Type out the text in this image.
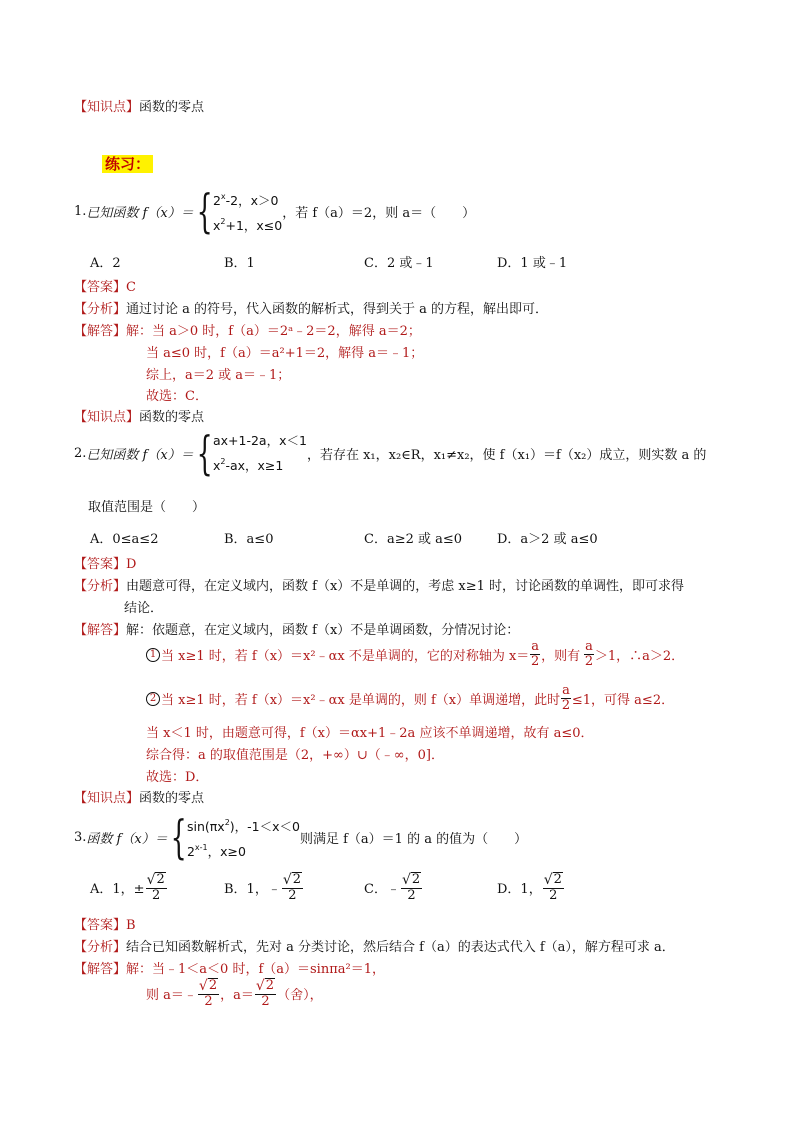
【知识点】函数的零点
练习：
1. 已知函数 f（x）＝ { 2$^x$-2，x＞0
$x^2+1$，x≤0
，若 f（a）＝2，则 a＝（　　）
A．2	B．1	C．2 或﹣1	D．1 或﹣1
【答案】C
【分析】通过讨论 a 的符号，代入函数的解析式，得到关于 a 的方程，解出即可．
【解答】解：当 a＞0 时，f（a）＝2ᵃ﹣2＝2，解得 a＝2；
当 a≤0 时，f（a）＝a²+1＝2，解得 a＝﹣1；
综上，a＝2 或 a＝﹣1；
故选：C．
【知识点】函数的零点
2. 已知函数 f（x）＝ { ax+1-2a，x＜1
$x^2-ax$，x≥1
，若存在 x₁，x₂∈R，x₁≠x₂，使 f（x₁）＝f（x₂）成立，则实数 a 的
取值范围是（　　）
A．0≤a≤2	B．a≤0	C．a≥2 或 a≤0	D．a＞2 或 a≤0
【答案】D
【分析】由题意可得，在定义域内，函数 f（x）不是单调的，考虑 x≥1 时，讨论函数的单调性，即可求得
结论．
【解答】解：依题意，在定义域内，函数 f（x）不是单调函数，分情况讨论：
1 当 x≥1 时，若 f（x）＝x²﹣αx 不是单调的，它的对称轴为 $x= \frac{a}{2}$ ，则有 $\frac{a}{2} >1$，∴a＞2．
2 当 x≥1 时，若 f（x）＝x²﹣αx 是单调的，则 f（x）单调递增，此时 $\frac{a}{2} \le 1$，可得 a≤2．
当 x＜1 时，由题意可得，f（x）＝αx+1﹣2a 应该不单调递增，故有 a≤0．
综合得：a 的取值范围是（2，+∞）∪（﹣∞，0]．
故选：D．
【知识点】函数的零点
3. 函数 f（x）＝ { $\sin(\pi x^2)$，-1＜x＜0
2$^{x-1}$，x≥0
则满足 f（a）＝1 的 a 的值为（　　）
A．1，± $\frac{√ 2}{2}$	B．1，﹣ $\frac{√ 2}{2}$	C．﹣ $\frac{√ 2}{2}$	D．1， $\frac{√ 2}{2}$
【答案】B
【分析】结合已知函数解析式，先对 a 分类讨论，然后结合 f（a）的表达式代入 f（a），解方程可求 a．
【解答】解：当﹣1＜a＜0 时，f（a）＝sinπa²＝1，
则 a＝﹣ $\frac{√ 2}{2}$ ，$a= \frac{√ 2}{2}$ （舍），
